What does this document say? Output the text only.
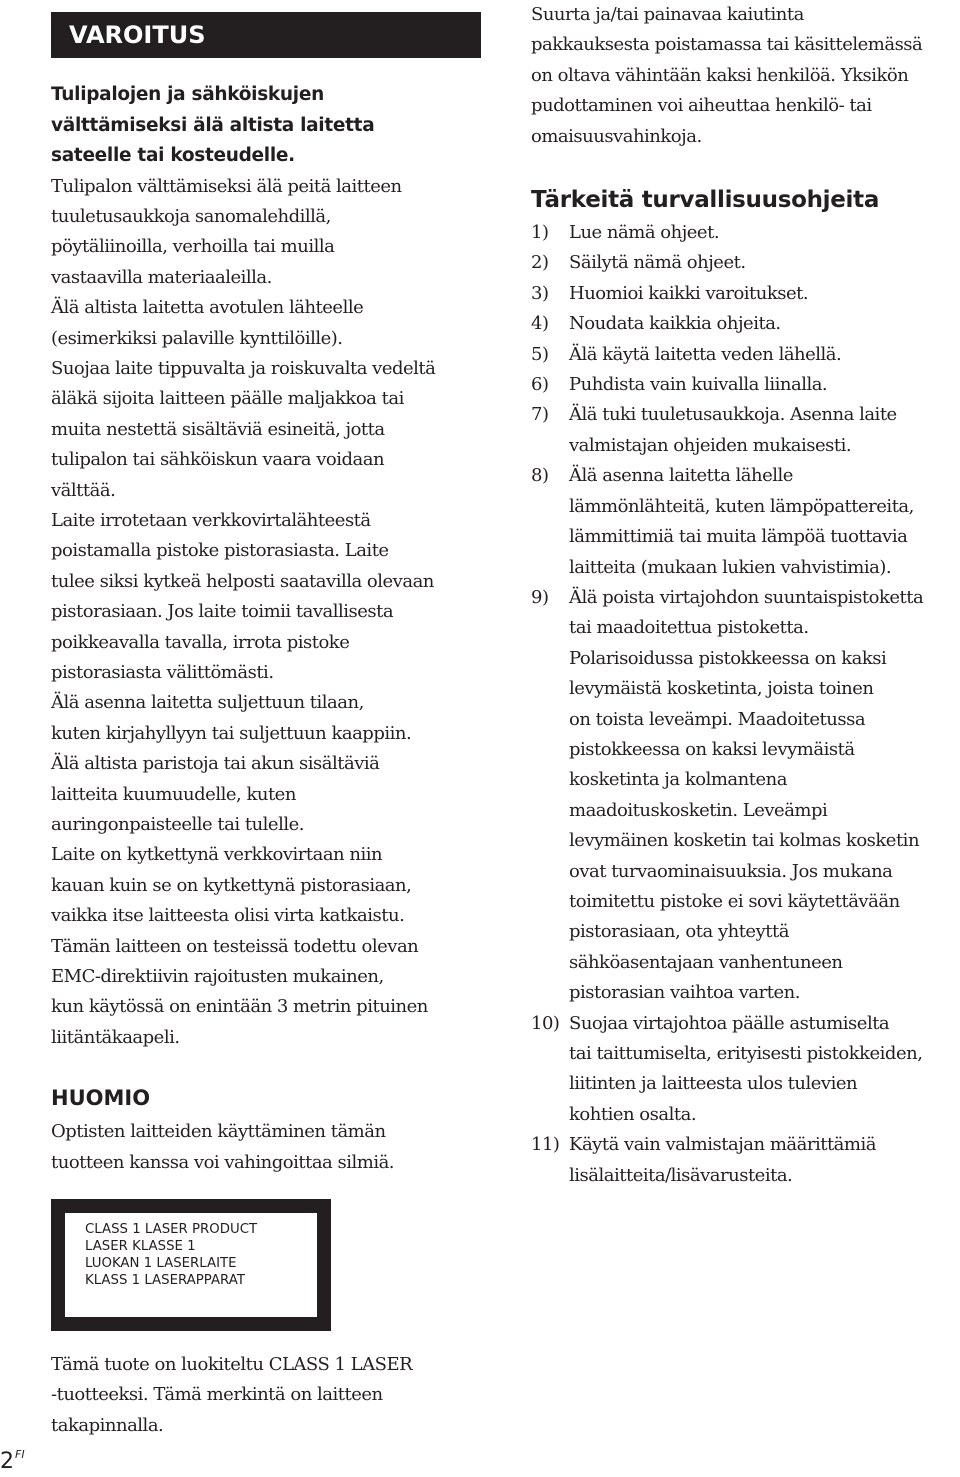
VAROITUS
Tulipalojen ja sähköiskujen
välttämiseksi älä altista laitetta
sateelle tai kosteudelle.
Tulipalon välttämiseksi älä peitä laitteen
tuuletusaukkoja sanomalehdillä,
pöytäliinoilla, verhoilla tai muilla
vastaavilla materiaaleilla.
Älä altista laitetta avotulen lähteelle
(esimerkiksi palaville kynttilöille).
Suojaa laite tippuvalta ja roiskuvalta vedeltä
äläkä sijoita laitteen päälle maljakkoa tai
muita nestettä sisältäviä esineitä, jotta
tulipalon tai sähköiskun vaara voidaan
välttää.
Laite irrotetaan verkkovirtalähteestä
poistamalla pistoke pistorasiasta. Laite
tulee siksi kytkeä helposti saatavilla olevaan
pistorasiaan. Jos laite toimii tavallisesta
poikkeavalla tavalla, irrota pistoke
pistorasiasta välittömästi.
Älä asenna laitetta suljettuun tilaan,
kuten kirjahyllyyn tai suljettuun kaappiin.
Älä altista paristoja tai akun sisältäviä
laitteita kuumuudelle, kuten
auringonpaisteelle tai tulelle.
Laite on kytkettynä verkkovirtaan niin
kauan kuin se on kytkettynä pistorasiaan,
vaikka itse laitteesta olisi virta katkaistu.
Tämän laitteen on testeissä todettu olevan
EMC-direktiivin rajoitusten mukainen,
kun käytössä on enintään 3 metrin pituinen
liitäntäkaapeli.
HUOMIO
Optisten laitteiden käyttäminen tämän
tuotteen kanssa voi vahingoittaa silmiä.
Suurta ja/tai painavaa kaiutinta
pakkauksesta poistamassa tai käsittelemässä
on oltava vähintään kaksi henkilöä. Yksikön
pudottaminen voi aiheuttaa henkilö- tai
omaisuusvahinkoja.
Tärkeitä turvallisuusohjeita
1)	Lue nämä ohjeet.
2)	Säilytä nämä ohjeet.
3)	Huomioi kaikki varoitukset.
4)	Noudata kaikkia ohjeita.
5)	Älä käytä laitetta veden lähellä.
6)	Puhdista vain kuivalla liinalla.
7)	Älä tuki tuuletusaukkoja. Asenna laite
valmistajan ohjeiden mukaisesti.
8)	Älä asenna laitetta lähelle
lämmönlähteitä, kuten lämpöpattereita,
lämmittimiä tai muita lämpöä tuottavia
laitteita (mukaan lukien vahvistimia).
9)	Älä poista virtajohdon suuntaispistoketta
tai maadoitettua pistoketta.
Polarisoidussa pistokkeessa on kaksi
levymäistä kosketinta, joista toinen
on toista leveämpi. Maadoitetussa
pistokkeessa on kaksi levymäistä
kosketinta ja kolmantena
maadoituskosketin. Leveämpi
levymäinen kosketin tai kolmas kosketin
ovat turvaominaisuuksia. Jos mukana
toimitettu pistoke ei sovi käytettävään
pistorasiaan, ota yhteyttä
sähköasentajaan vanhentuneen
pistorasian vaihtoa varten.
10) Suojaa virtajohtoa päälle astumiselta
tai taittumiselta, erityisesti pistokkeiden,
liitinten ja laitteesta ulos tulevien
kohtien osalta.
11) Käytä vain valmistajan määrittämiä
lisälaitteita/lisävarusteita.
CLASS 1 LASER PRODUCT
LASER KLASSE 1
LUOKAN 1 LASERLAITE
KLASS 1 LASERAPPARAT
Tämä tuote on luokiteltu CLASS 1 LASER
-tuotteeksi. Tämä merkintä on laitteen
takapinnalla.
$2^{FI}$
